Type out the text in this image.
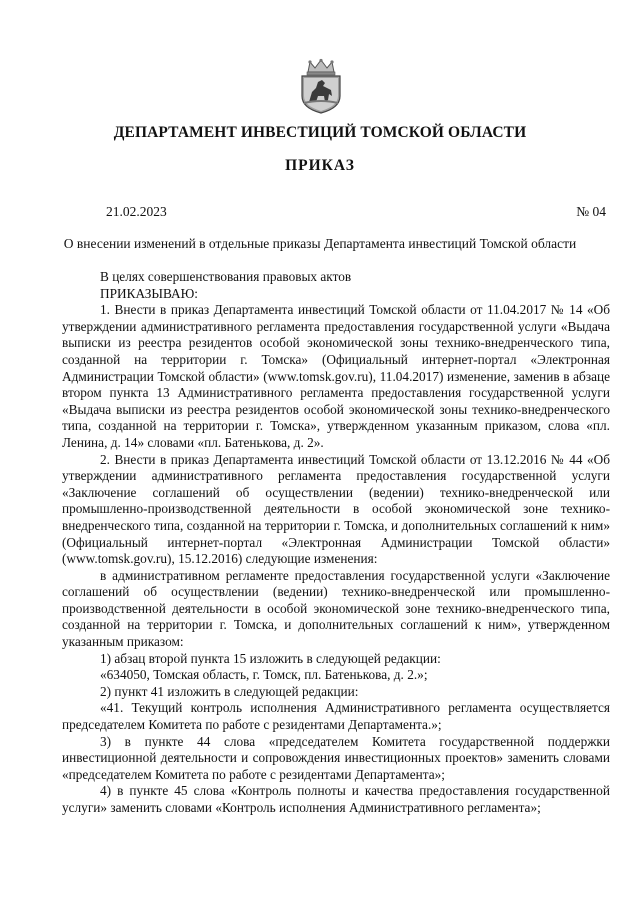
ДЕПАРТАМЕНТ ИНВЕСТИЦИЙ ТОМСКОЙ ОБЛАСТИ
ПРИКАЗ
21.02.2023	№ 04
О внесении изменений в отдельные приказы Департамента инвестиций Томской области

В целях совершенствования правовых актов

ПРИКАЗЫВАЮ:

1. Внести в приказ Департамента инвестиций Томской области от 11.04.2017 № 14 «Об утверждении административного регламента предоставления государственной услуги «Выдача выписки из реестра резидентов особой экономической зоны технико-внедренческого типа, созданной на территории г. Томска» (Официальный интернет-портал «Электронная Администрации Томской области» (www.tomsk.gov.ru), 11.04.2017) изменение, заменив в абзаце втором пункта 13 Административного регламента предоставления государственной услуги «Выдача выписки из реестра резидентов особой экономической зоны технико-внедренческого типа, созданной на территории г. Томска», утвержденном указанным приказом, слова «пл. Ленина, д. 14» словами «пл. Батенькова, д. 2».

2. Внести в приказ Департамента инвестиций Томской области от 13.12.2016 № 44 «Об утверждении административного регламента предоставления государственной услуги «Заключение соглашений об осуществлении (ведении) технико-внедренческой или промышленно-производственной деятельности в особой экономической зоне технико-внедренческого типа, созданной на территории г. Томска, и дополнительных соглашений к ним» (Официальный интернет-портал «Электронная Администрации Томской области» (www.tomsk.gov.ru), 15.12.2016) следующие изменения:

в административном регламенте предоставления государственной услуги «Заключение соглашений об осуществлении (ведении) технико-внедренческой или промышленно-производственной деятельности в особой экономической зоне технико-внедренческого типа, созданной на территории г. Томска, и дополнительных соглашений к ним», утвержденном указанным приказом:

1) абзац второй пункта 15 изложить в следующей редакции:

«634050, Томская область, г. Томск, пл. Батенькова, д. 2.»;

2) пункт 41 изложить в следующей редакции:

«41. Текущий контроль исполнения Административного регламента осуществляется председателем Комитета по работе с резидентами Департамента.»;

3) в пункте 44 слова «председателем Комитета государственной поддержки инвестиционной деятельности и сопровождения инвестиционных проектов» заменить словами «председателем Комитета по работе с резидентами Департамента»;

4) в пункте 45 слова «Контроль полноты и качества предоставления государственной услуги» заменить словами «Контроль исполнения Административного регламента»;
